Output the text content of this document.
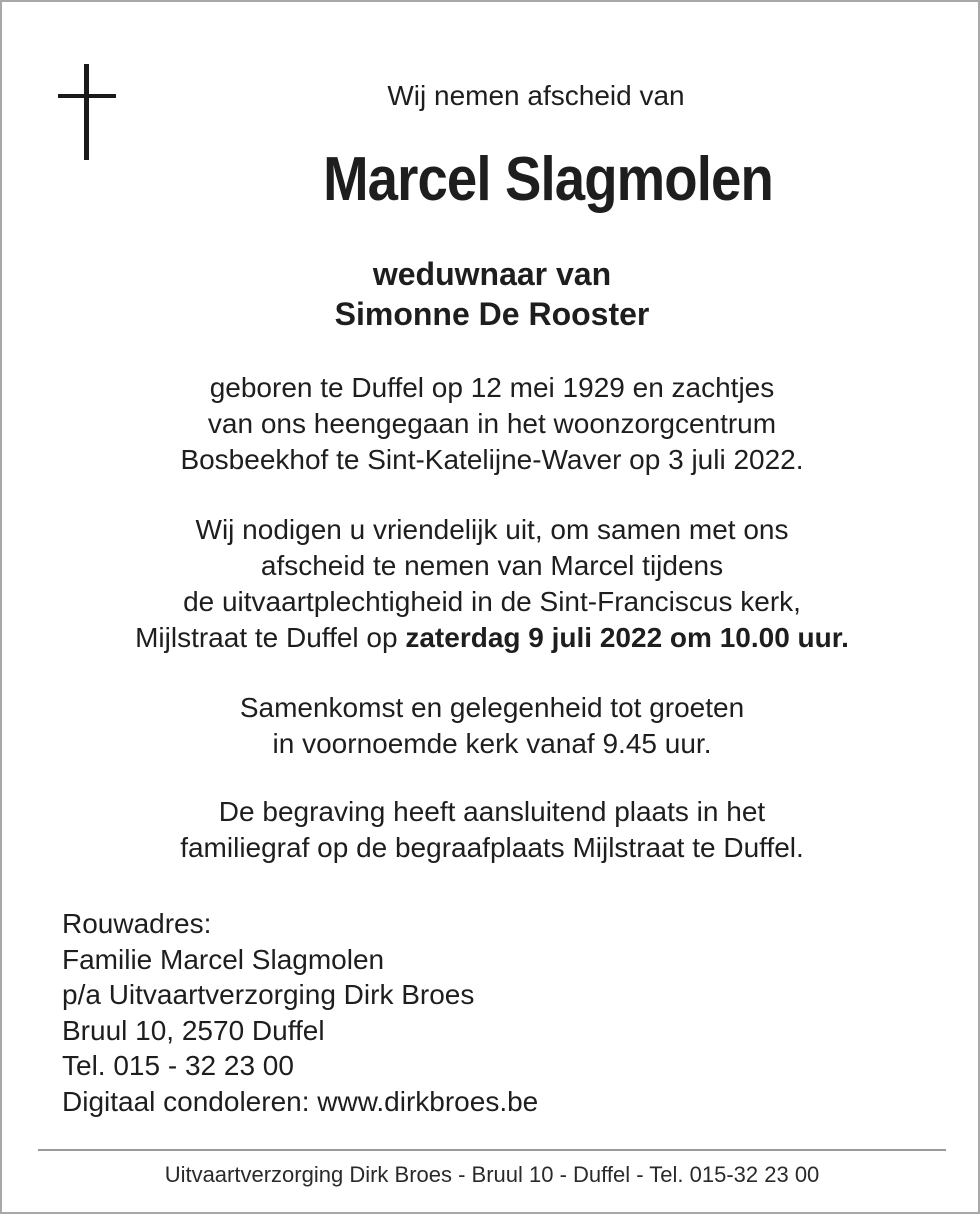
Wij nemen afscheid van
Marcel Slagmolen
weduwnaar van
Simonne De Rooster
geboren te Duffel op 12 mei 1929 en zachtjes
van ons heengegaan in het woonzorgcentrum
Bosbeekhof te Sint-Katelijne-Waver op 3 juli 2022.
Wij nodigen u vriendelijk uit, om samen met ons
afscheid te nemen van Marcel tijdens
de uitvaartplechtigheid in de Sint-Franciscus kerk,
Mijlstraat te Duffel op zaterdag 9 juli 2022 om 10.00 uur.
Samenkomst en gelegenheid tot groeten
in voornoemde kerk vanaf 9.45 uur.
De begraving heeft aansluitend plaats in het
familiegraf op de begraafplaats Mijlstraat te Duffel.
Rouwadres:
Familie Marcel Slagmolen
p/a Uitvaartverzorging Dirk Broes
Bruul 10, 2570 Duffel
Tel. 015 - 32 23 00
Digitaal condoleren: www.dirkbroes.be
Uitvaartverzorging Dirk Broes - Bruul 10 - Duffel - Tel. 015-32 23 00
